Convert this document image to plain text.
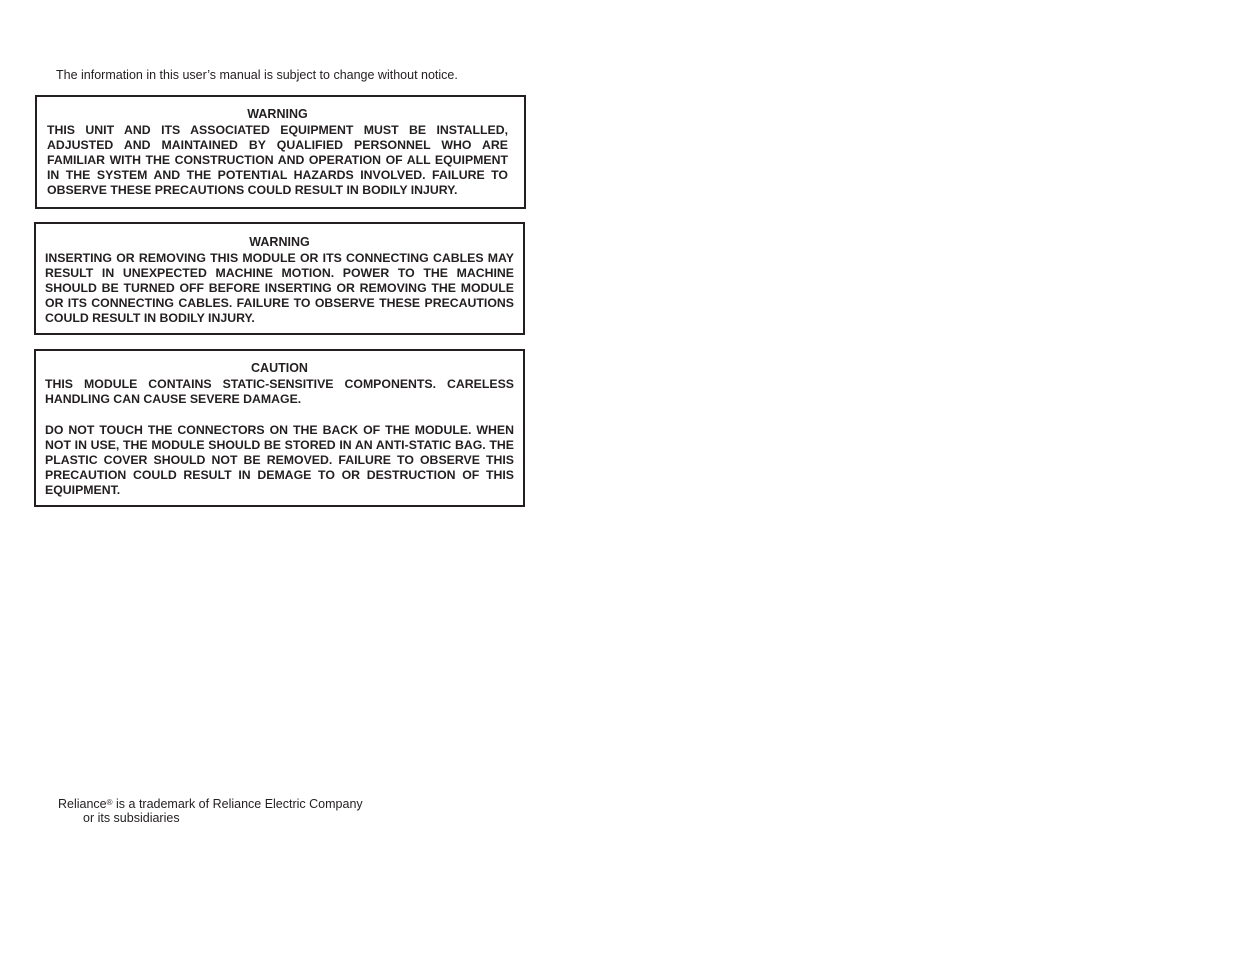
The information in this user’s manual is subject to change without notice.
WARNING

THIS UNIT AND ITS ASSOCIATED EQUIPMENT MUST BE INSTALLED, ADJUSTED AND MAINTAINED BY QUALIFIED PERSONNEL WHO ARE FAMILIAR WITH THE CONSTRUCTION AND OPERATION OF ALL EQUIPMENT IN THE SYSTEM AND THE POTENTIAL HAZARDS INVOLVED. FAILURE TO OBSERVE THESE PRECAUTIONS COULD RESULT IN BODILY INJURY.

WARNING

INSERTING OR REMOVING THIS MODULE OR ITS CONNECTING CABLES MAY RESULT IN UNEXPECTED MACHINE MOTION. POWER TO THE MACHINE SHOULD BE TURNED OFF BEFORE INSERTING OR REMOVING THE MODULE OR ITS CONNECTING CABLES. FAILURE TO OBSERVE THESE PRECAUTIONS COULD RESULT IN BODILY INJURY.

CAUTION

THIS MODULE CONTAINS STATIC-SENSITIVE COMPONENTS. CARELESS HANDLING CAN CAUSE SEVERE DAMAGE.

DO NOT TOUCH THE CONNECTORS ON THE BACK OF THE MODULE. WHEN NOT IN USE, THE MODULE SHOULD BE STORED IN AN ANTI-STATIC BAG. THE PLASTIC COVER SHOULD NOT BE REMOVED. FAILURE TO OBSERVE THIS PRECAUTION COULD RESULT IN DEMAGE TO OR DESTRUCTION OF THIS EQUIPMENT.

Reliance® is a trademark of Reliance Electric Company
or its subsidiaries
